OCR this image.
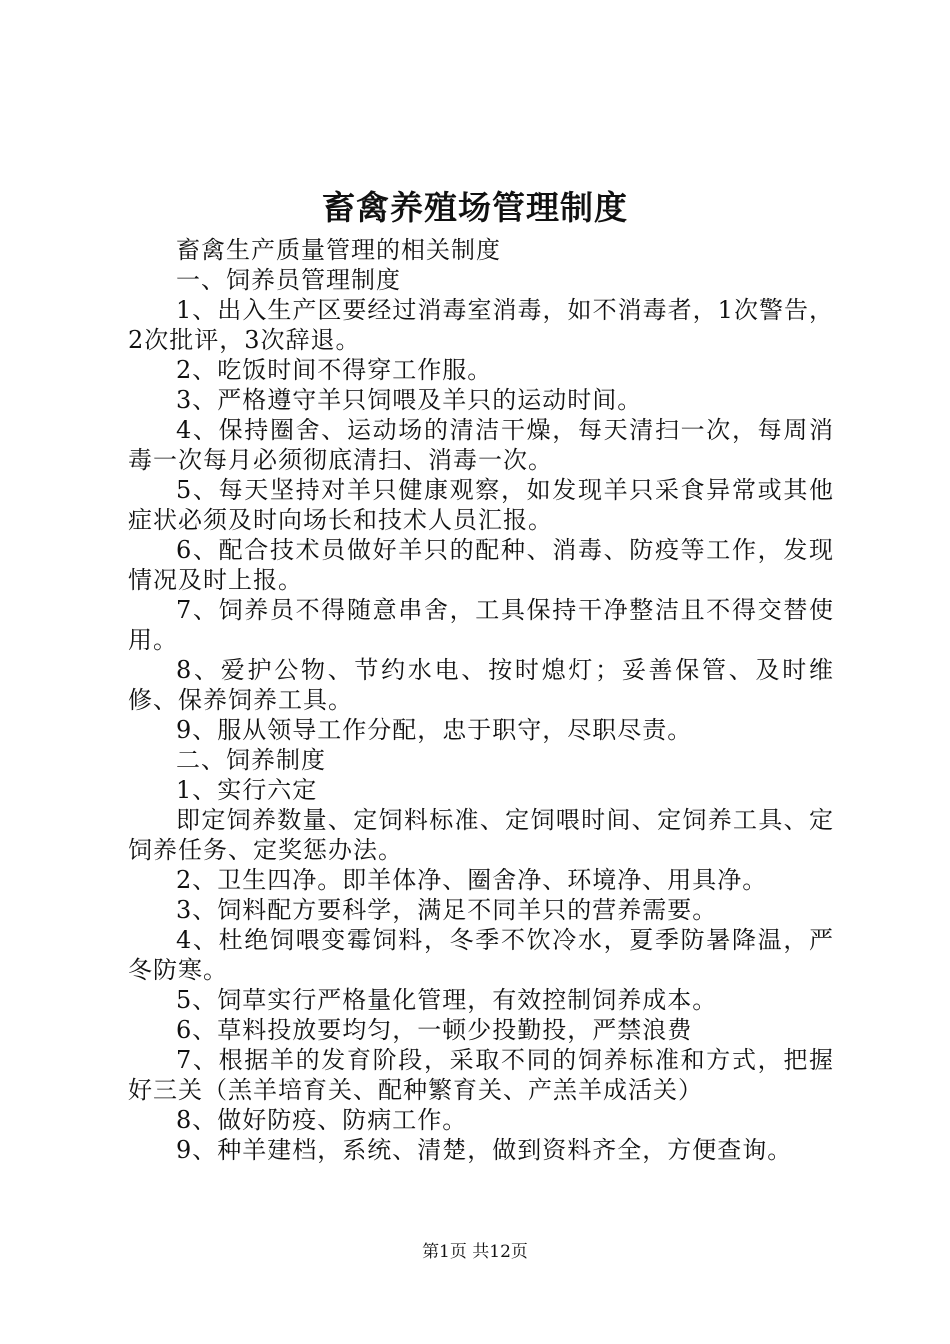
畜禽养殖场管理制度

畜禽生产质量管理的相关制度

一、饲养员管理制度

1、出入生产区要经过消毒室消毒，如不消毒者，1次警告，2次批评，3次辞退。

2、吃饭时间不得穿工作服。

3、严格遵守羊只饲喂及羊只的运动时间。

4、保持圈舍、运动场的清洁干燥，每天清扫一次，每周消毒一次每月必须彻底清扫、消毒一次。

5、每天坚持对羊只健康观察，如发现羊只采食异常或其他症状必须及时向场长和技术人员汇报。

6、配合技术员做好羊只的配种、消毒、防疫等工作，发现情况及时上报。

7、饲养员不得随意串舍，工具保持干净整洁且不得交替使用。

8、爱护公物、节约水电、按时熄灯；妥善保管、及时维修、保养饲养工具。

9、服从领导工作分配，忠于职守，尽职尽责。

二、饲养制度

1、实行六定

即定饲养数量、定饲料标准、定饲喂时间、定饲养工具、定饲养任务、定奖惩办法。

2、卫生四净。即羊体净、圈舍净、环境净、用具净。

3、饲料配方要科学，满足不同羊只的营养需要。

4、杜绝饲喂变霉饲料，冬季不饮冷水，夏季防暑降温，严冬防寒。

5、饲草实行严格量化管理，有效控制饲养成本。

6、草料投放要均匀，一顿少投勤投，严禁浪费

7、根据羊的发育阶段，采取不同的饲养标准和方式，把握好三关（羔羊培育关、配种繁育关、产羔羊成活关）

8、做好防疫、防病工作。

9、种羊建档，系统、清楚，做到资料齐全，方便查询。

第1页 共12页
